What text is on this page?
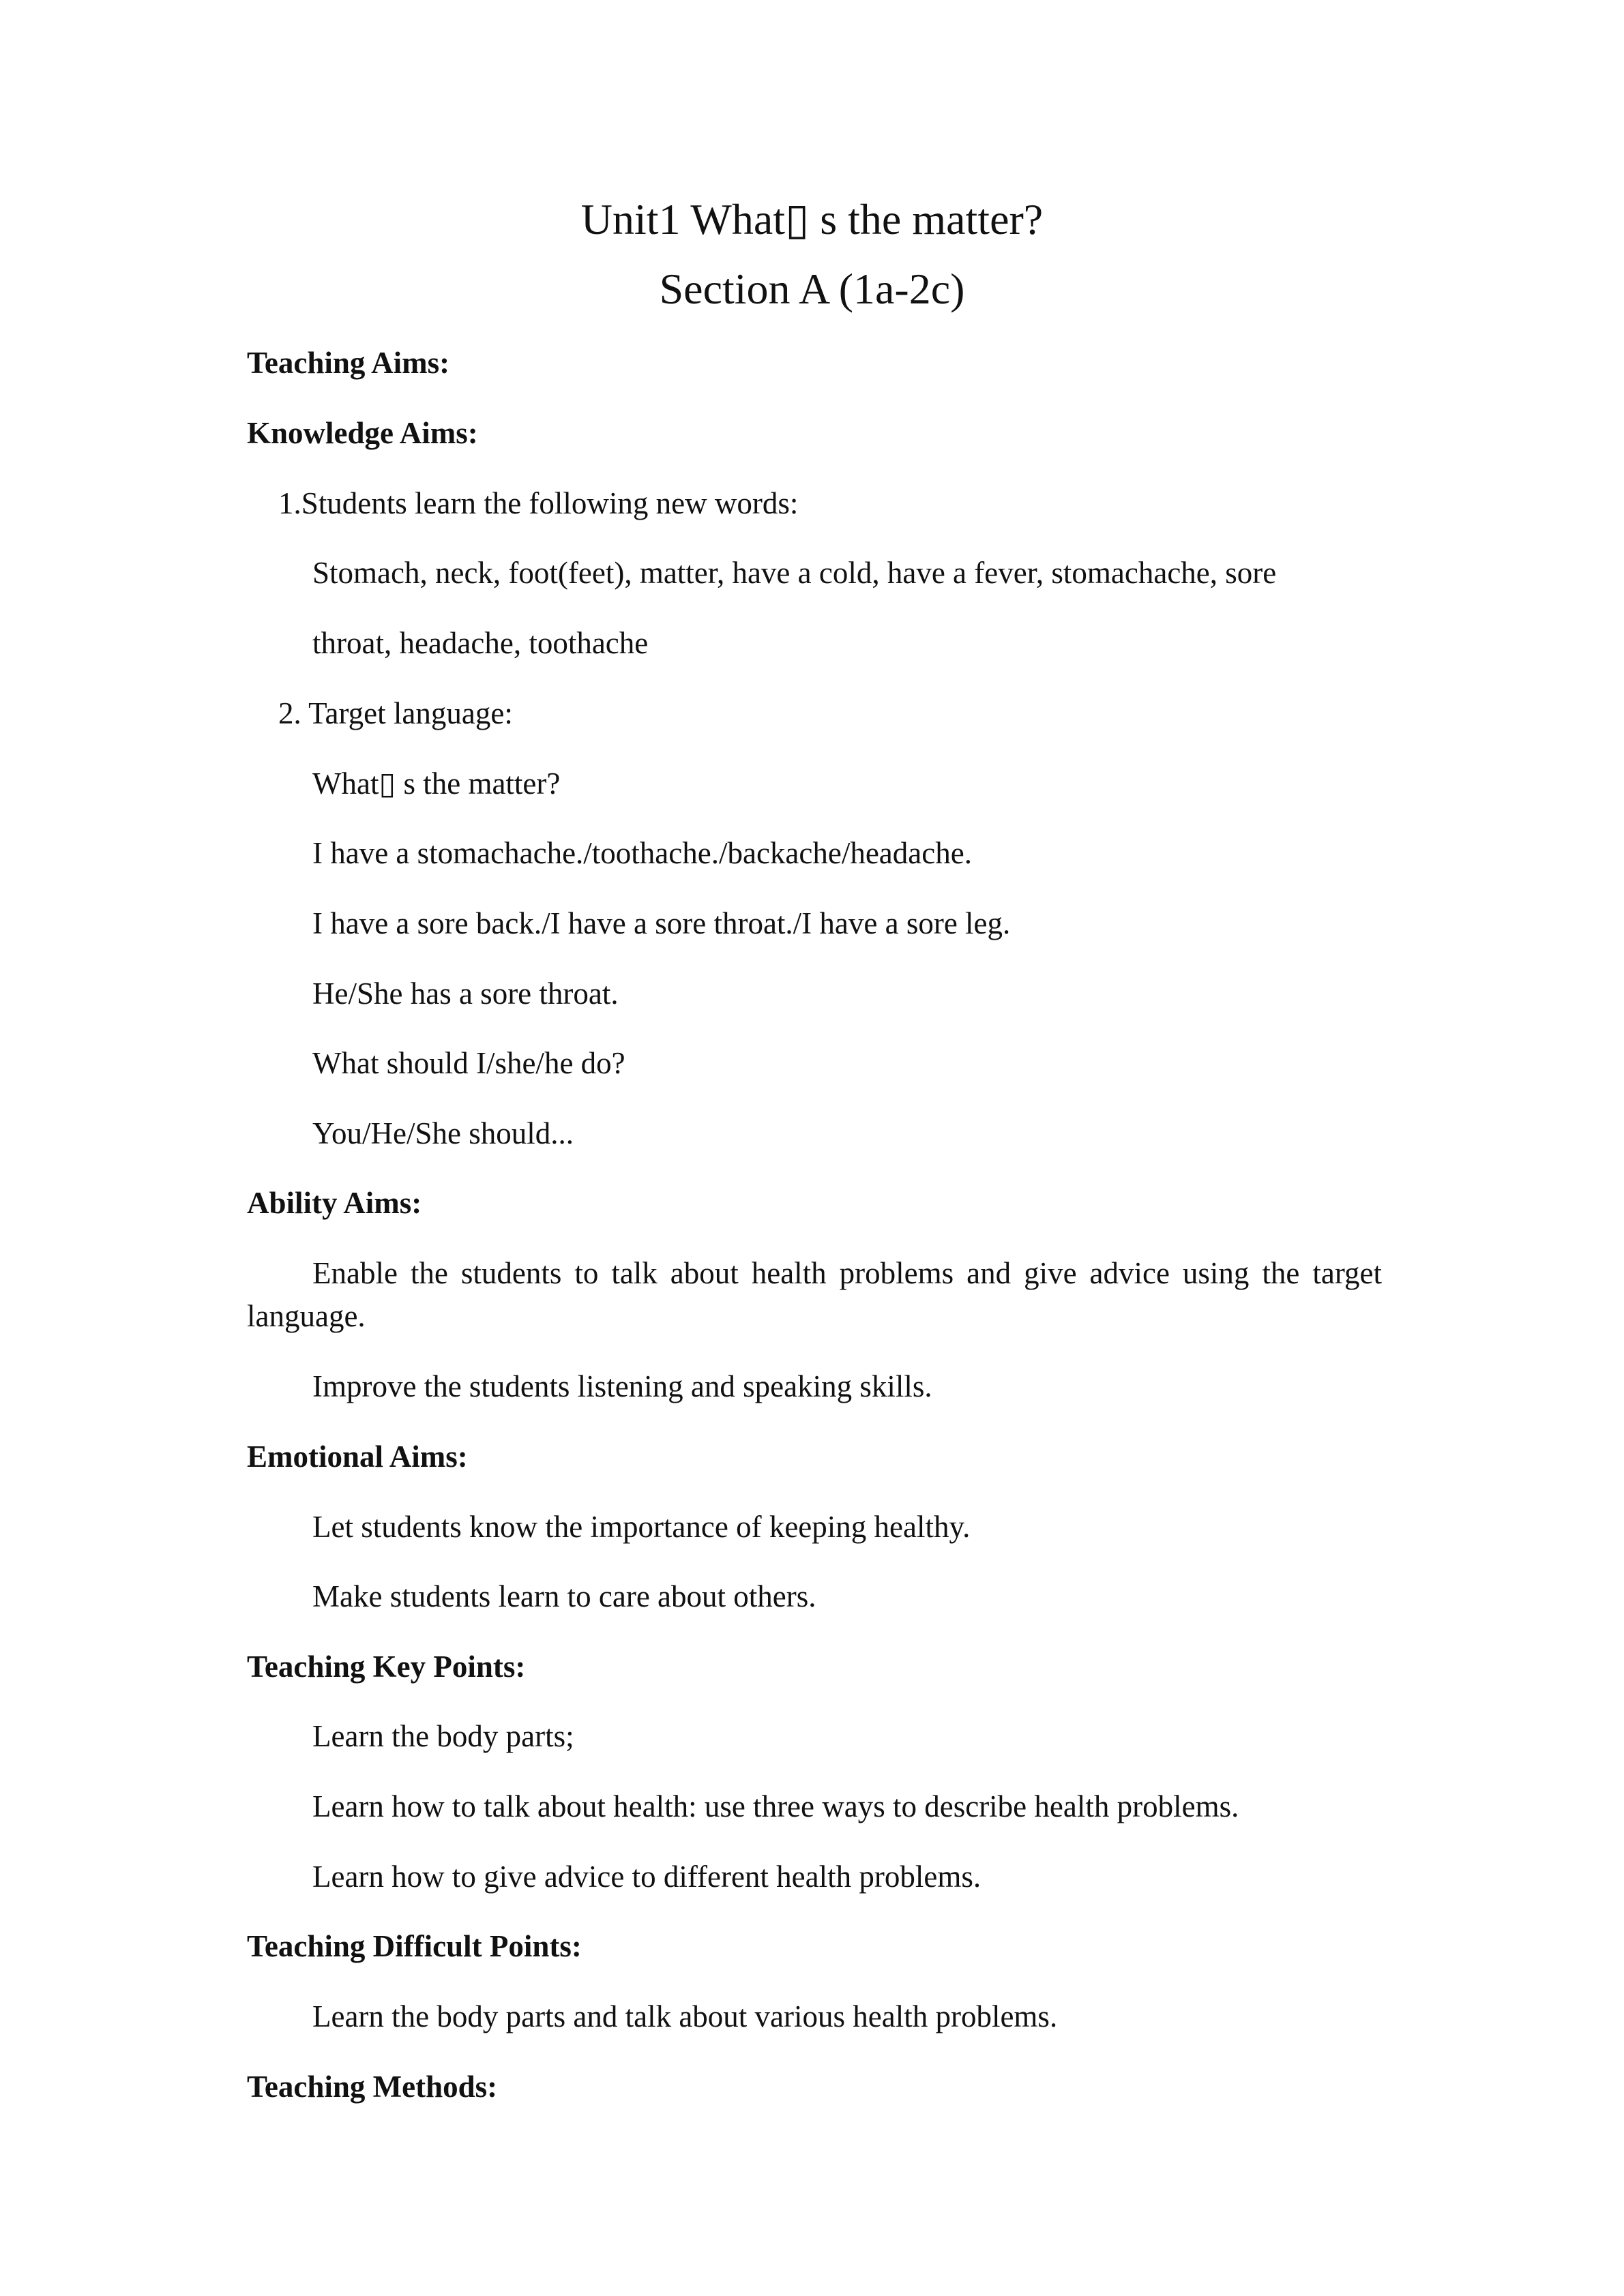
Unit1 What▯ s the matter?
Section A (1a-2c)
Teaching Aims:
Knowledge Aims:
1.Students learn the following new words:
Stomach, neck, foot(feet), matter, have a cold, have a fever, stomachache, sore
throat, headache, toothache
2. Target language:
What▯ s the matter?
I have a stomachache./toothache./backache/headache.
I have a sore back./I have a sore throat./I have a sore leg.
He/She has a sore throat.
What should I/she/he do?
You/He/She should...
Ability Aims:
Enable the students to talk about health problems and give advice using the target language.
Improve the students listening and speaking skills.
Emotional Aims:
Let students know the importance of keeping healthy.
Make students learn to care about others.
Teaching Key Points:
Learn the body parts;
Learn how to talk about health: use three ways to describe health problems.
Learn how to give advice to different health problems.
Teaching Difficult Points:
Learn the body parts and talk about various health problems.
Teaching Methods:
